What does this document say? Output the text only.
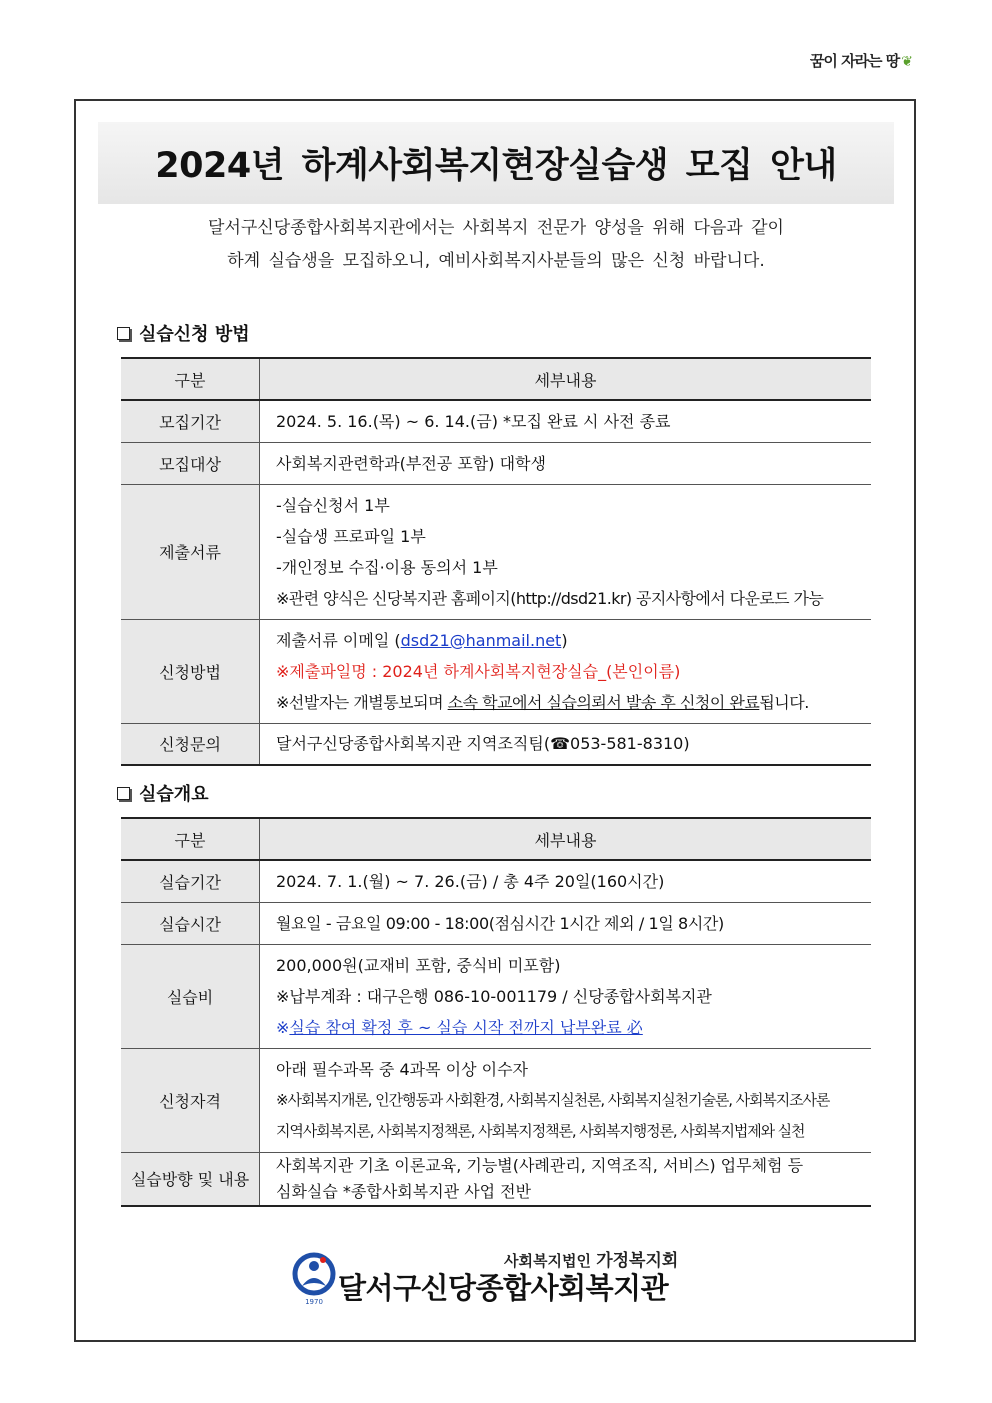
꿈이 자라는 땅 ❦
2024년 하계사회복지현장실습생 모집 안내
달서구신당종합사회복지관에서는 사회복지 전문가 양성을 위해 다음과 같이
하계 실습생을 모집하오니, 예비사회복지사분들의 많은 신청 바랍니다.
실습신청 방법
구분	세부내용
모집기간	2024. 5. 16.(목) ~ 6. 14.(금) *모집 완료 시 사전 종료

모집대상	사회복지관련학과(부전공 포함) 대학생

제출서류	-실습신청서 1부
-실습생 프로파일 1부
-개인정보 수집·이용 동의서 1부
※관련 양식은 신당복지관 홈페이지(http://dsd21.kr) 공지사항에서 다운로드 가능

신청방법	제출서류 이메일 (dsd21@hanmail.net)
※제출파일명 : 2024년 하계사회복지현장실습_(본인이름)
※선발자는 개별통보되며 소속 학교에서 실습의뢰서 발송 후 신청이 완료됩니다.

신청문의	달서구신당종합사회복지관 지역조직팀(☎053-581-8310)
실습개요
구분	세부내용
실습기간	2024. 7. 1.(월) ~ 7. 26.(금) / 총 4주 20일(160시간)

실습시간	월요일 - 금요일 09:00 - 18:00(점심시간 1시간 제외 / 1일 8시간)

실습비	200,000원(교재비 포함, 중식비 미포함)
※납부계좌 : 대구은행 086-10-001179 / 신당종합사회복지관
※실습 참여 확정 후 ~ 실습 시작 전까지 납부완료 必

신청자격	아래 필수과목 중 4과목 이상 이수자
※사회복지개론, 인간행동과 사회환경, 사회복지실천론, 사회복지실천기술론, 사회복지조사론
지역사회복지론, 사회복지정책론, 사회복지정책론, 사회복지행정론, 사회복지법제와 실천

실습방향 및 내용	사회복지관 기초 이론교육, 기능별(사례관리, 지역조직, 서비스) 업무체험 등
심화실습 *종합사회복지관 사업 전반
1970
사회복지법인 가정복지회
달서구신당종합사회복지관
